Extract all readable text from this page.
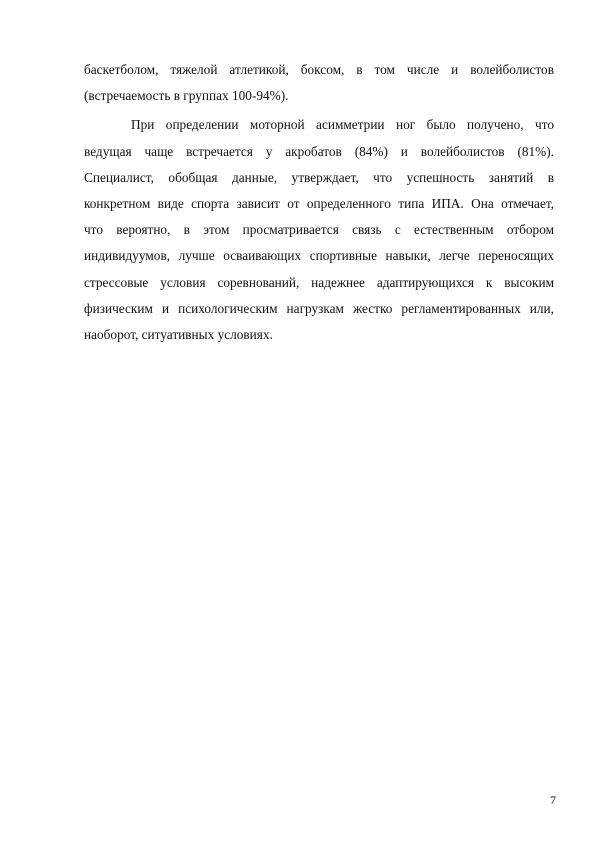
баскетболом, тяжелой атлетикой, боксом, в том числе и волейболистов
(встречаемость в группах 100-94%).
При определении моторной асимметрии ног было получено, что
ведущая чаще встречается у акробатов (84%) и волейболистов (81%).
Специалист, обобщая данные, утверждает, что успешность занятий в
конкретном виде спорта зависит от определенного типа ИПА. Она отмечает,
что вероятно, в этом просматривается связь с естественным отбором
индивидуумов, лучше осваивающих спортивные навыки, легче переносящих
стресcовые условия соревнований, надежнее адаптирующихся к высоким
физическим и психологическим нагрузкам жестко регламентированных или,
наоборот, ситуативных условиях.
7
